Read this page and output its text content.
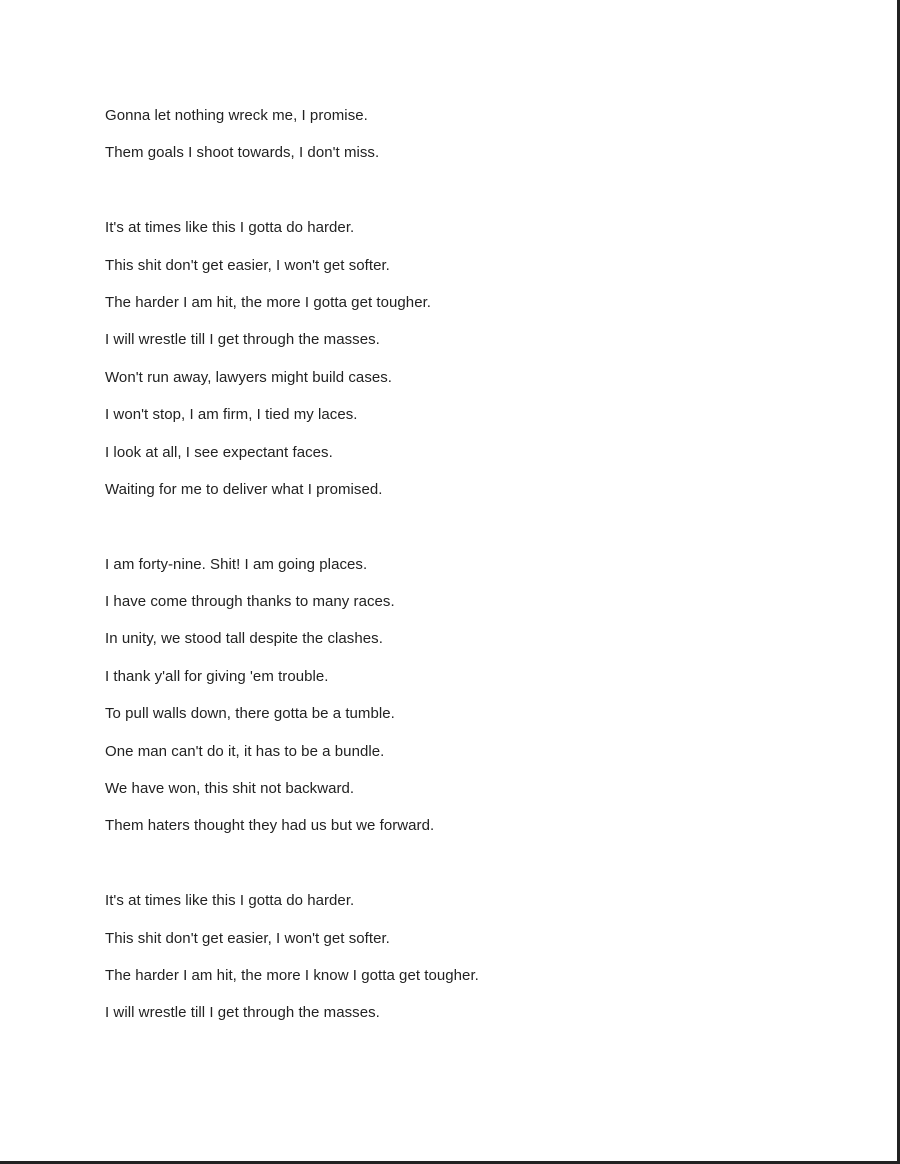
Gonna let nothing wreck me, I promise.
Them goals I shoot towards, I don't miss.
It's at times like this I gotta do harder.
This shit don't get easier, I won't get softer.
The harder I am hit, the more I gotta get tougher.
I will wrestle till I get through the masses.
Won't run away, lawyers might build cases.
I won't stop, I am firm, I tied my laces.
I look at all, I see expectant faces.
Waiting for me to deliver what I promised.
I am forty-nine. Shit! I am going places.
I have come through thanks to many races.
In unity, we stood tall despite the clashes.
I thank y'all for giving 'em trouble.
To pull walls down, there gotta be a tumble.
One man can't do it, it has to be a bundle.
We have won, this shit not backward.
Them haters thought they had us but we forward.
It's at times like this I gotta do harder.
This shit don't get easier, I won't get softer.
The harder I am hit, the more I know I gotta get tougher.
I will wrestle till I get through the masses.
